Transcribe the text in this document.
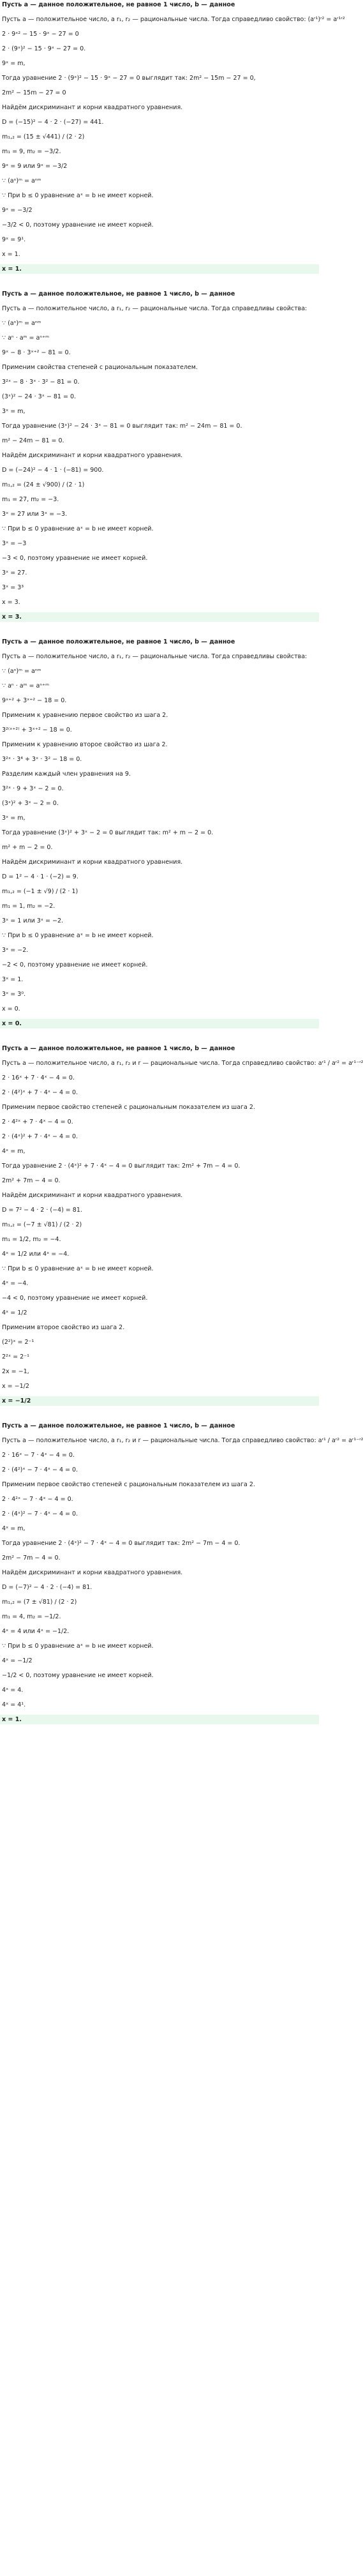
Пусть a — данное положительное, не равное 1 число, b — данное
Пусть a — положительное число, а r₁, r₂ — рациональные числа. Тогда справедливо свойство: (aʳ¹)ʳ² = aʳ¹ʳ²
2 · 9ˣ² − 15 · 9ˣ − 27 = 0
2 · (9ˣ)² − 15 · 9ˣ − 27 = 0.
9ˣ = m,
Тогда уравнение 2 · (9ˣ)² − 15 · 9ˣ − 27 = 0 выглядит так: 2m² − 15m − 27 = 0,
2m² − 15m − 27 = 0
Найдём дискриминант и корни квадратного уравнения.
D = (−15)² − 4 · 2 · (−27) = 441.
m₁,₂ = (15 ± √441) / (2 · 2)
m₁ = 9, m₂ = −3/2.
9ˣ = 9 или 9ˣ = −3/2
∵ (aⁿ)ᵐ = aⁿᵐ
∵ При b ≤ 0 уравнение aˣ = b не имеет корней.
9ˣ = −3/2
−3/2 < 0, поэтому уравнение не имеет корней.
9ˣ = 9¹.
x = 1.
x = 1.
Пусть a — данное положительное, не равное 1 число, b — данное
Пусть a — положительное число, а r₁, r₂ — рациональные числа. Тогда справедливы свойства:
∵ (aⁿ)ᵐ = aⁿᵐ
∵ aⁿ · aᵐ = aⁿ⁺ᵐ
9ˣ − 8 · 3ˣ⁺² − 81 = 0.
Применим свойства степеней с рациональным показателем.
3²ˣ − 8 · 3ˣ · 3² − 81 = 0.
(3ˣ)² − 24 · 3ˣ − 81 = 0.
3ˣ = m,
Тогда уравнение (3ˣ)² − 24 · 3ˣ − 81 = 0 выглядит так: m² − 24m − 81 = 0.
m² − 24m − 81 = 0.
Найдём дискриминант и корни квадратного уравнения.
D = (−24)² − 4 · 1 · (−81) = 900.
m₁,₂ = (24 ± √900) / (2 · 1)
m₁ = 27, m₂ = −3.
3ˣ = 27 или 3ˣ = −3.
∵ При b ≤ 0 уравнение aˣ = b не имеет корней.
3ˣ = −3
−3 < 0, поэтому уравнение не имеет корней.
3ˣ = 27.
3ˣ = 3³
x = 3.
x = 3.
Пусть a — данное положительное, не равное 1 число, b — данное
Пусть a — положительное число, а r₁, r₂ — рациональные числа. Тогда справедливы свойства:
∵ (aⁿ)ᵐ = aⁿᵐ
∵ aⁿ · aᵐ = aⁿ⁺ᵐ
9ˣ⁺² + 3ˣ⁺² − 18 = 0.
Применим к уравнению первое свойство из шага 2.
3²⁽ˣ⁺²⁾ + 3ˣ⁺² − 18 = 0.
Применим к уравнению второе свойство из шага 2.
3²ˣ · 3⁴ + 3ˣ · 3² − 18 = 0.
Разделим каждый член уравнения на 9.
3²ˣ · 9 + 3ˣ − 2 = 0.
(3ˣ)² + 3ˣ − 2 = 0.
3ˣ = m,
Тогда уравнение (3ˣ)² + 3ˣ − 2 = 0 выглядит так: m² + m − 2 = 0.
m² + m − 2 = 0.
Найдём дискриминант и корни квадратного уравнения.
D = 1² − 4 · 1 · (−2) = 9.
m₁,₂ = (−1 ± √9) / (2 · 1)
m₁ = 1, m₂ = −2.
3ˣ = 1 или 3ˣ = −2.
∵ При b ≤ 0 уравнение aˣ = b не имеет корней.
3ˣ = −2.
−2 < 0, поэтому уравнение не имеет корней.
3ˣ = 1.
3ˣ = 3⁰.
x = 0.
x = 0.
Пусть a — данное положительное, не равное 1 число, b — данное
Пусть a — положительное число, а r₁, r₂ и r — рациональные числа. Тогда справедливо свойство: aʳ¹ / aʳ² = aʳ¹⁻ʳ²
2 · 16ˣ + 7 · 4ˣ − 4 = 0.
2 · (4²)ˣ + 7 · 4ˣ − 4 = 0.
Применим первое свойство степеней с рациональным показателем из шага 2.
2 · 4²ˣ + 7 · 4ˣ − 4 = 0.
2 · (4ˣ)² + 7 · 4ˣ − 4 = 0.
4ˣ = m,
Тогда уравнение 2 · (4ˣ)² + 7 · 4ˣ − 4 = 0 выглядит так: 2m² + 7m − 4 = 0.
2m² + 7m − 4 = 0.
Найдём дискриминант и корни квадратного уравнения.
D = 7² − 4 · 2 · (−4) = 81.
m₁,₂ = (−7 ± √81) / (2 · 2)
m₁ = 1/2, m₂ = −4.
4ˣ = 1/2 или 4ˣ = −4.
∵ При b ≤ 0 уравнение aˣ = b не имеет корней.
4ˣ = −4.
−4 < 0, поэтому уравнение не имеет корней.
4ˣ = 1/2
Применим второе свойство из шага 2.
(2²)ˣ = 2⁻¹
2²ˣ = 2⁻¹
2x = −1,
x = −1/2
x = −1/2
Пусть a — данное положительное, не равное 1 число, b — данное
Пусть a — положительное число, а r₁, r₂ и r — рациональные числа. Тогда справедливо свойство: aʳ¹ / aʳ² = aʳ¹⁻ʳ²
2 · 16ˣ − 7 · 4ˣ − 4 = 0.
2 · (4²)ˣ − 7 · 4ˣ − 4 = 0.
Применим первое свойство степеней с рациональным показателем из шага 2.
2 · 4²ˣ − 7 · 4ˣ − 4 = 0.
2 · (4ˣ)² − 7 · 4ˣ − 4 = 0.
4ˣ = m,
Тогда уравнение 2 · (4ˣ)² − 7 · 4ˣ − 4 = 0 выглядит так: 2m² − 7m − 4 = 0.
2m² − 7m − 4 = 0.
Найдём дискриминант и корни квадратного уравнения.
D = (−7)² − 4 · 2 · (−4) = 81.
m₁,₂ = (7 ± √81) / (2 · 2)
m₁ = 4, m₂ = −1/2.
4ˣ = 4 или 4ˣ = −1/2.
∵ При b ≤ 0 уравнение aˣ = b не имеет корней.
4ˣ = −1/2
−1/2 < 0, поэтому уравнение не имеет корней.
4ˣ = 4.
4ˣ = 4¹.
x = 1.
